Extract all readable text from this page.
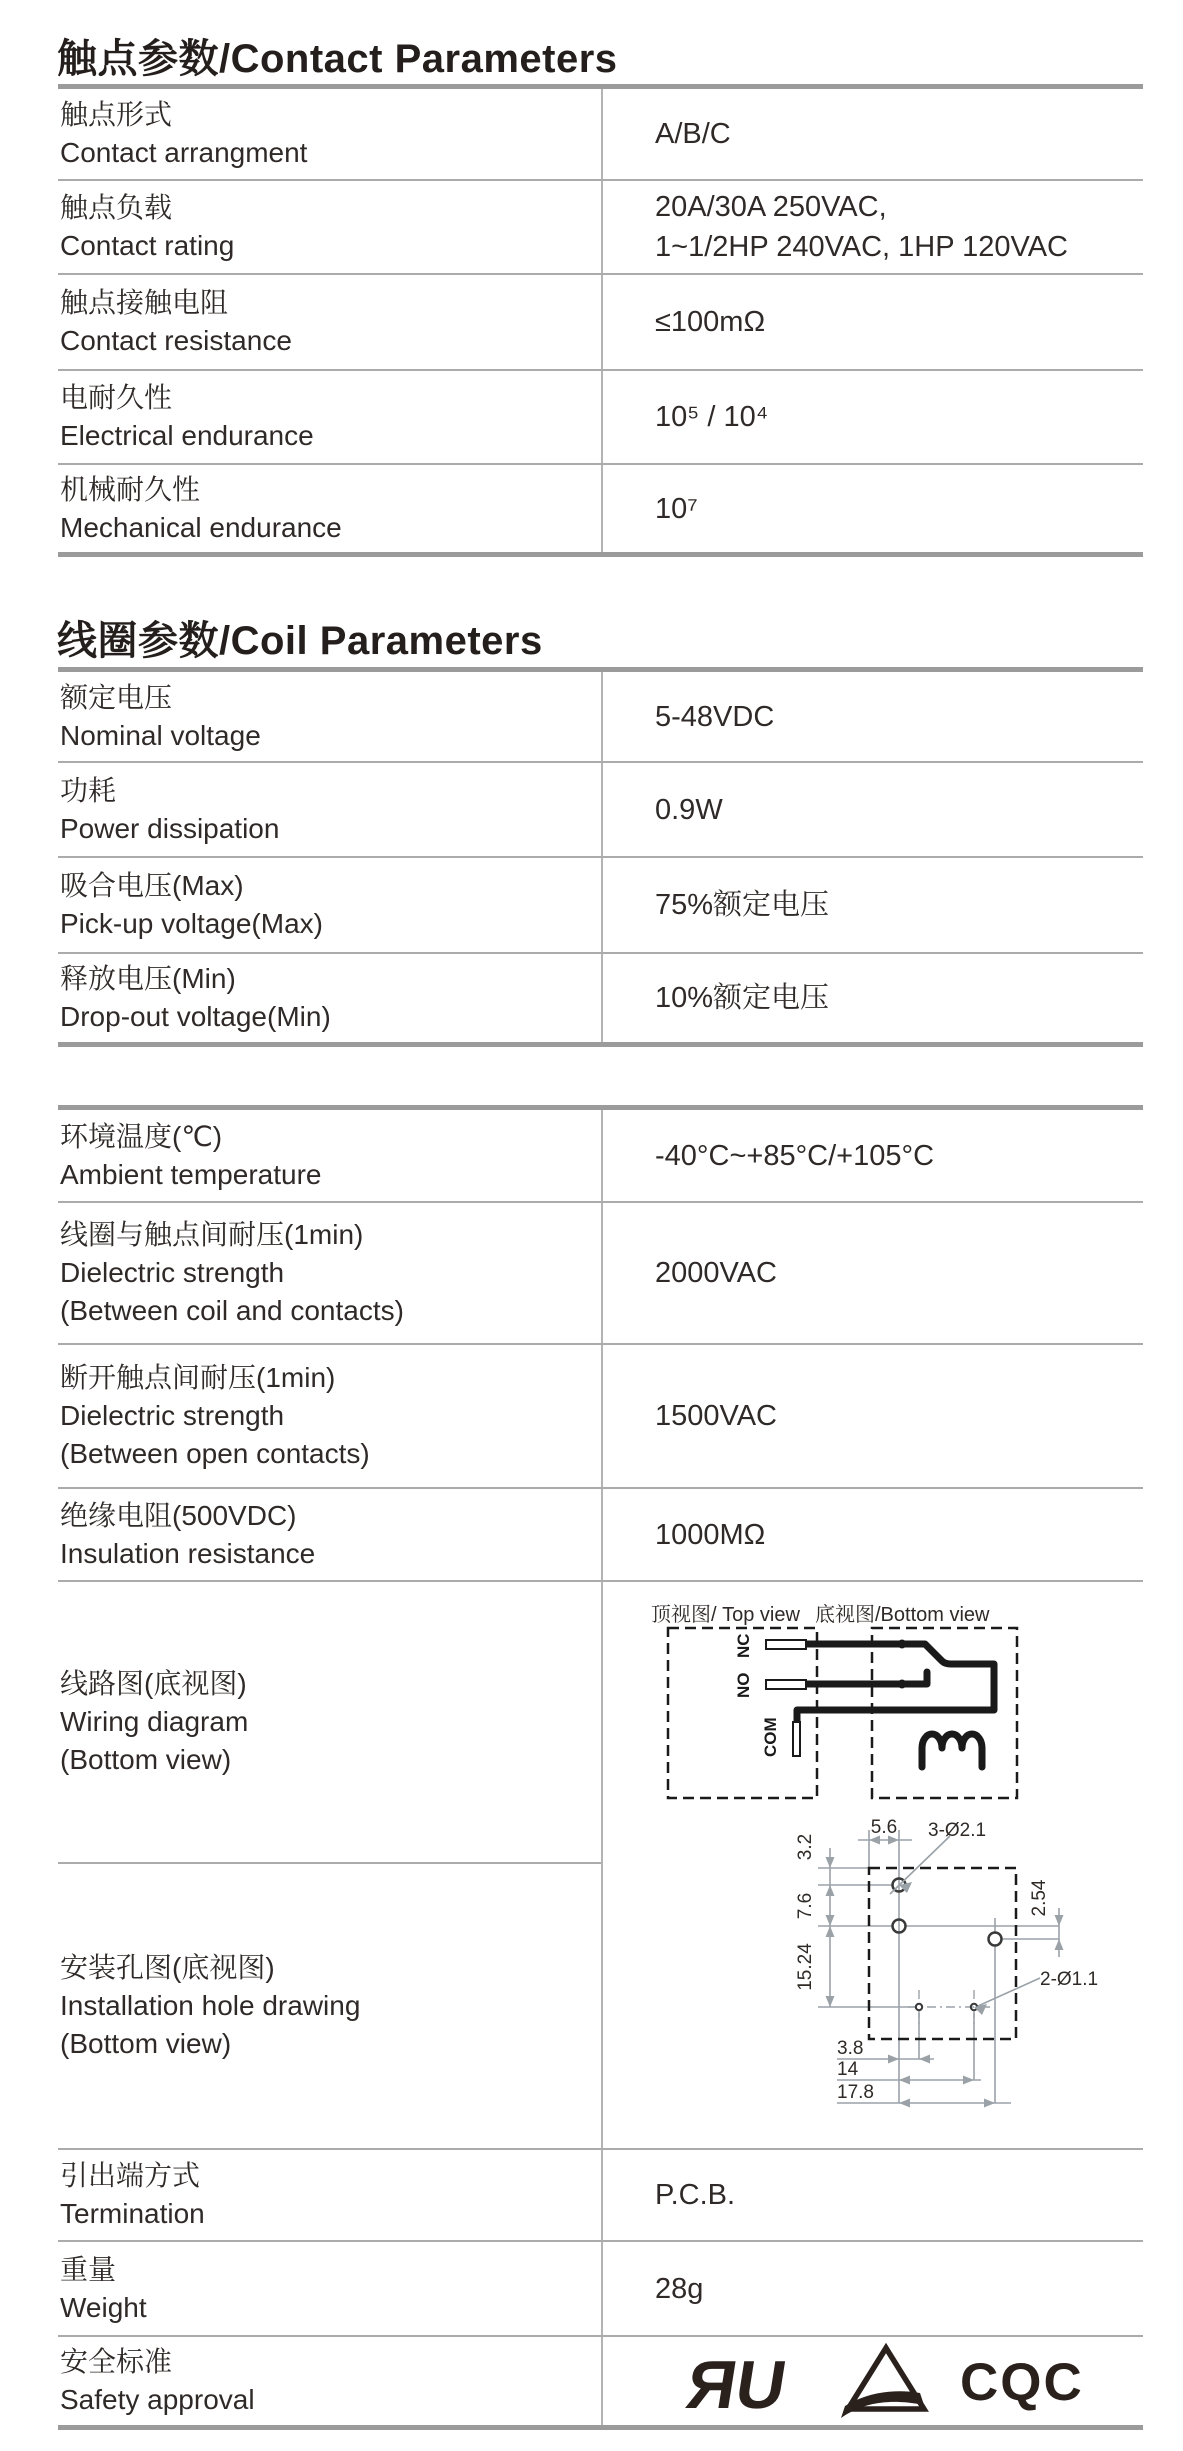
触点参数/Contact Parameters
触点形式
Contact arrangment
A/B/C
触点负载
Contact rating
20A/30A 250VAC,
1~1/2HP 240VAC, 1HP 120VAC
触点接触电阻
Contact resistance
≤100mΩ
电耐久性
Electrical endurance
10⁵ / 10⁴
机械耐久性
Mechanical endurance
10⁷
线圈参数/Coil Parameters
额定电压
Nominal voltage
5-48VDC
功耗
Power dissipation
0.9W
吸合电压(Max)
Pick-up voltage(Max)
75%额定电压
释放电压(Min)
Drop-out voltage(Min)
10%额定电压
环境温度(℃)
Ambient temperature
-40°C~+85°C/+105°C
线圈与触点间耐压(1min)
Dielectric strength
(Between coil and contacts)
2000VAC
断开触点间耐压(1min)
Dielectric strength
(Between open contacts)
1500VAC
绝缘电阻(500VDC)
Insulation resistance
1000MΩ
线路图(底视图)
Wiring diagram
(Bottom view)
安装孔图(底视图)
Installation hole drawing
(Bottom view)
引出端方式
Termination
P.C.B.
重量
Weight
28g
安全标准
Safety approval	ЯU	CQC
顶视图/ Top view 底视图/Bottom view
NC
NO
COM
5.6 3-Ø2.1
3.2
7.6
15.24
2.54
2-Ø1.1
3.8
14
17.8
